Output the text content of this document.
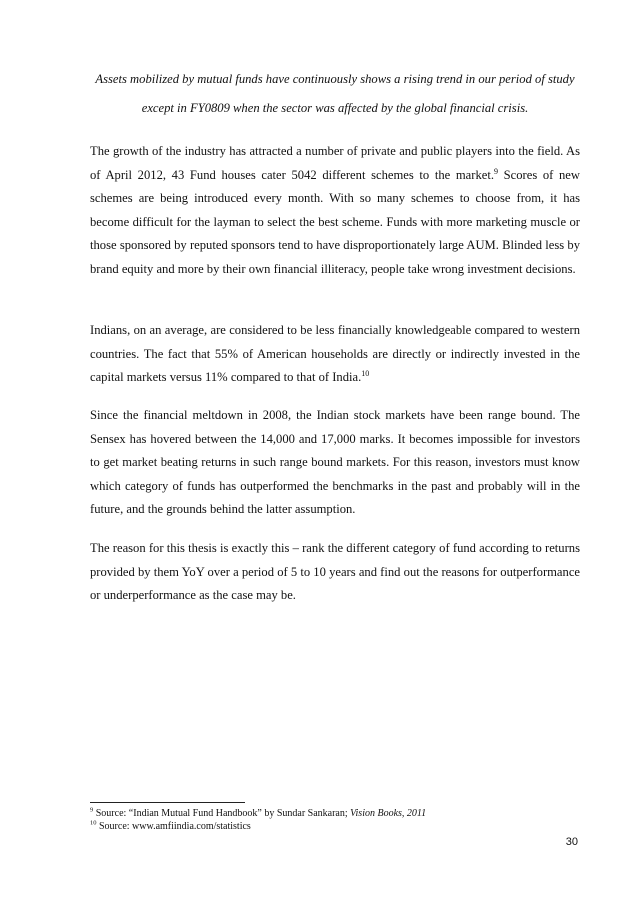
Assets mobilized by mutual funds have continuously shows a rising trend in our period of study except in FY0809 when the sector was affected by the global financial crisis.

The growth of the industry has attracted a number of private and public players into the field. As of April 2012, 43 Fund houses cater 5042 different schemes to the market.$^9$ Scores of new schemes are being introduced every month. With so many schemes to choose from, it has become difficult for the layman to select the best scheme. Funds with more marketing muscle or those sponsored by reputed sponsors tend to have disproportionately large AUM. Blinded less by brand equity and more by their own financial illiteracy, people take wrong investment decisions.

Indians, on an average, are considered to be less financially knowledgeable compared to western countries. The fact that 55% of American households are directly or indirectly invested in the capital markets versus 11% compared to that of India.$^{10}$

Since the financial meltdown in 2008, the Indian stock markets have been range bound. The Sensex has hovered between the 14,000 and 17,000 marks. It becomes impossible for investors to get market beating returns in such range bound markets. For this reason, investors must know which category of funds has outperformed the benchmarks in the past and probably will in the future, and the grounds behind the latter assumption.

The reason for this thesis is exactly this – rank the different category of fund according to returns provided by them YoY over a period of 5 to 10 years and find out the reasons for outperformance or underperformance as the case may be.

$^9$ Source: “Indian Mutual Fund Handbook” by Sundar Sankaran; Vision Books, 2011
$^{10}$ Source: www.amfiindia.com/statistics
30
